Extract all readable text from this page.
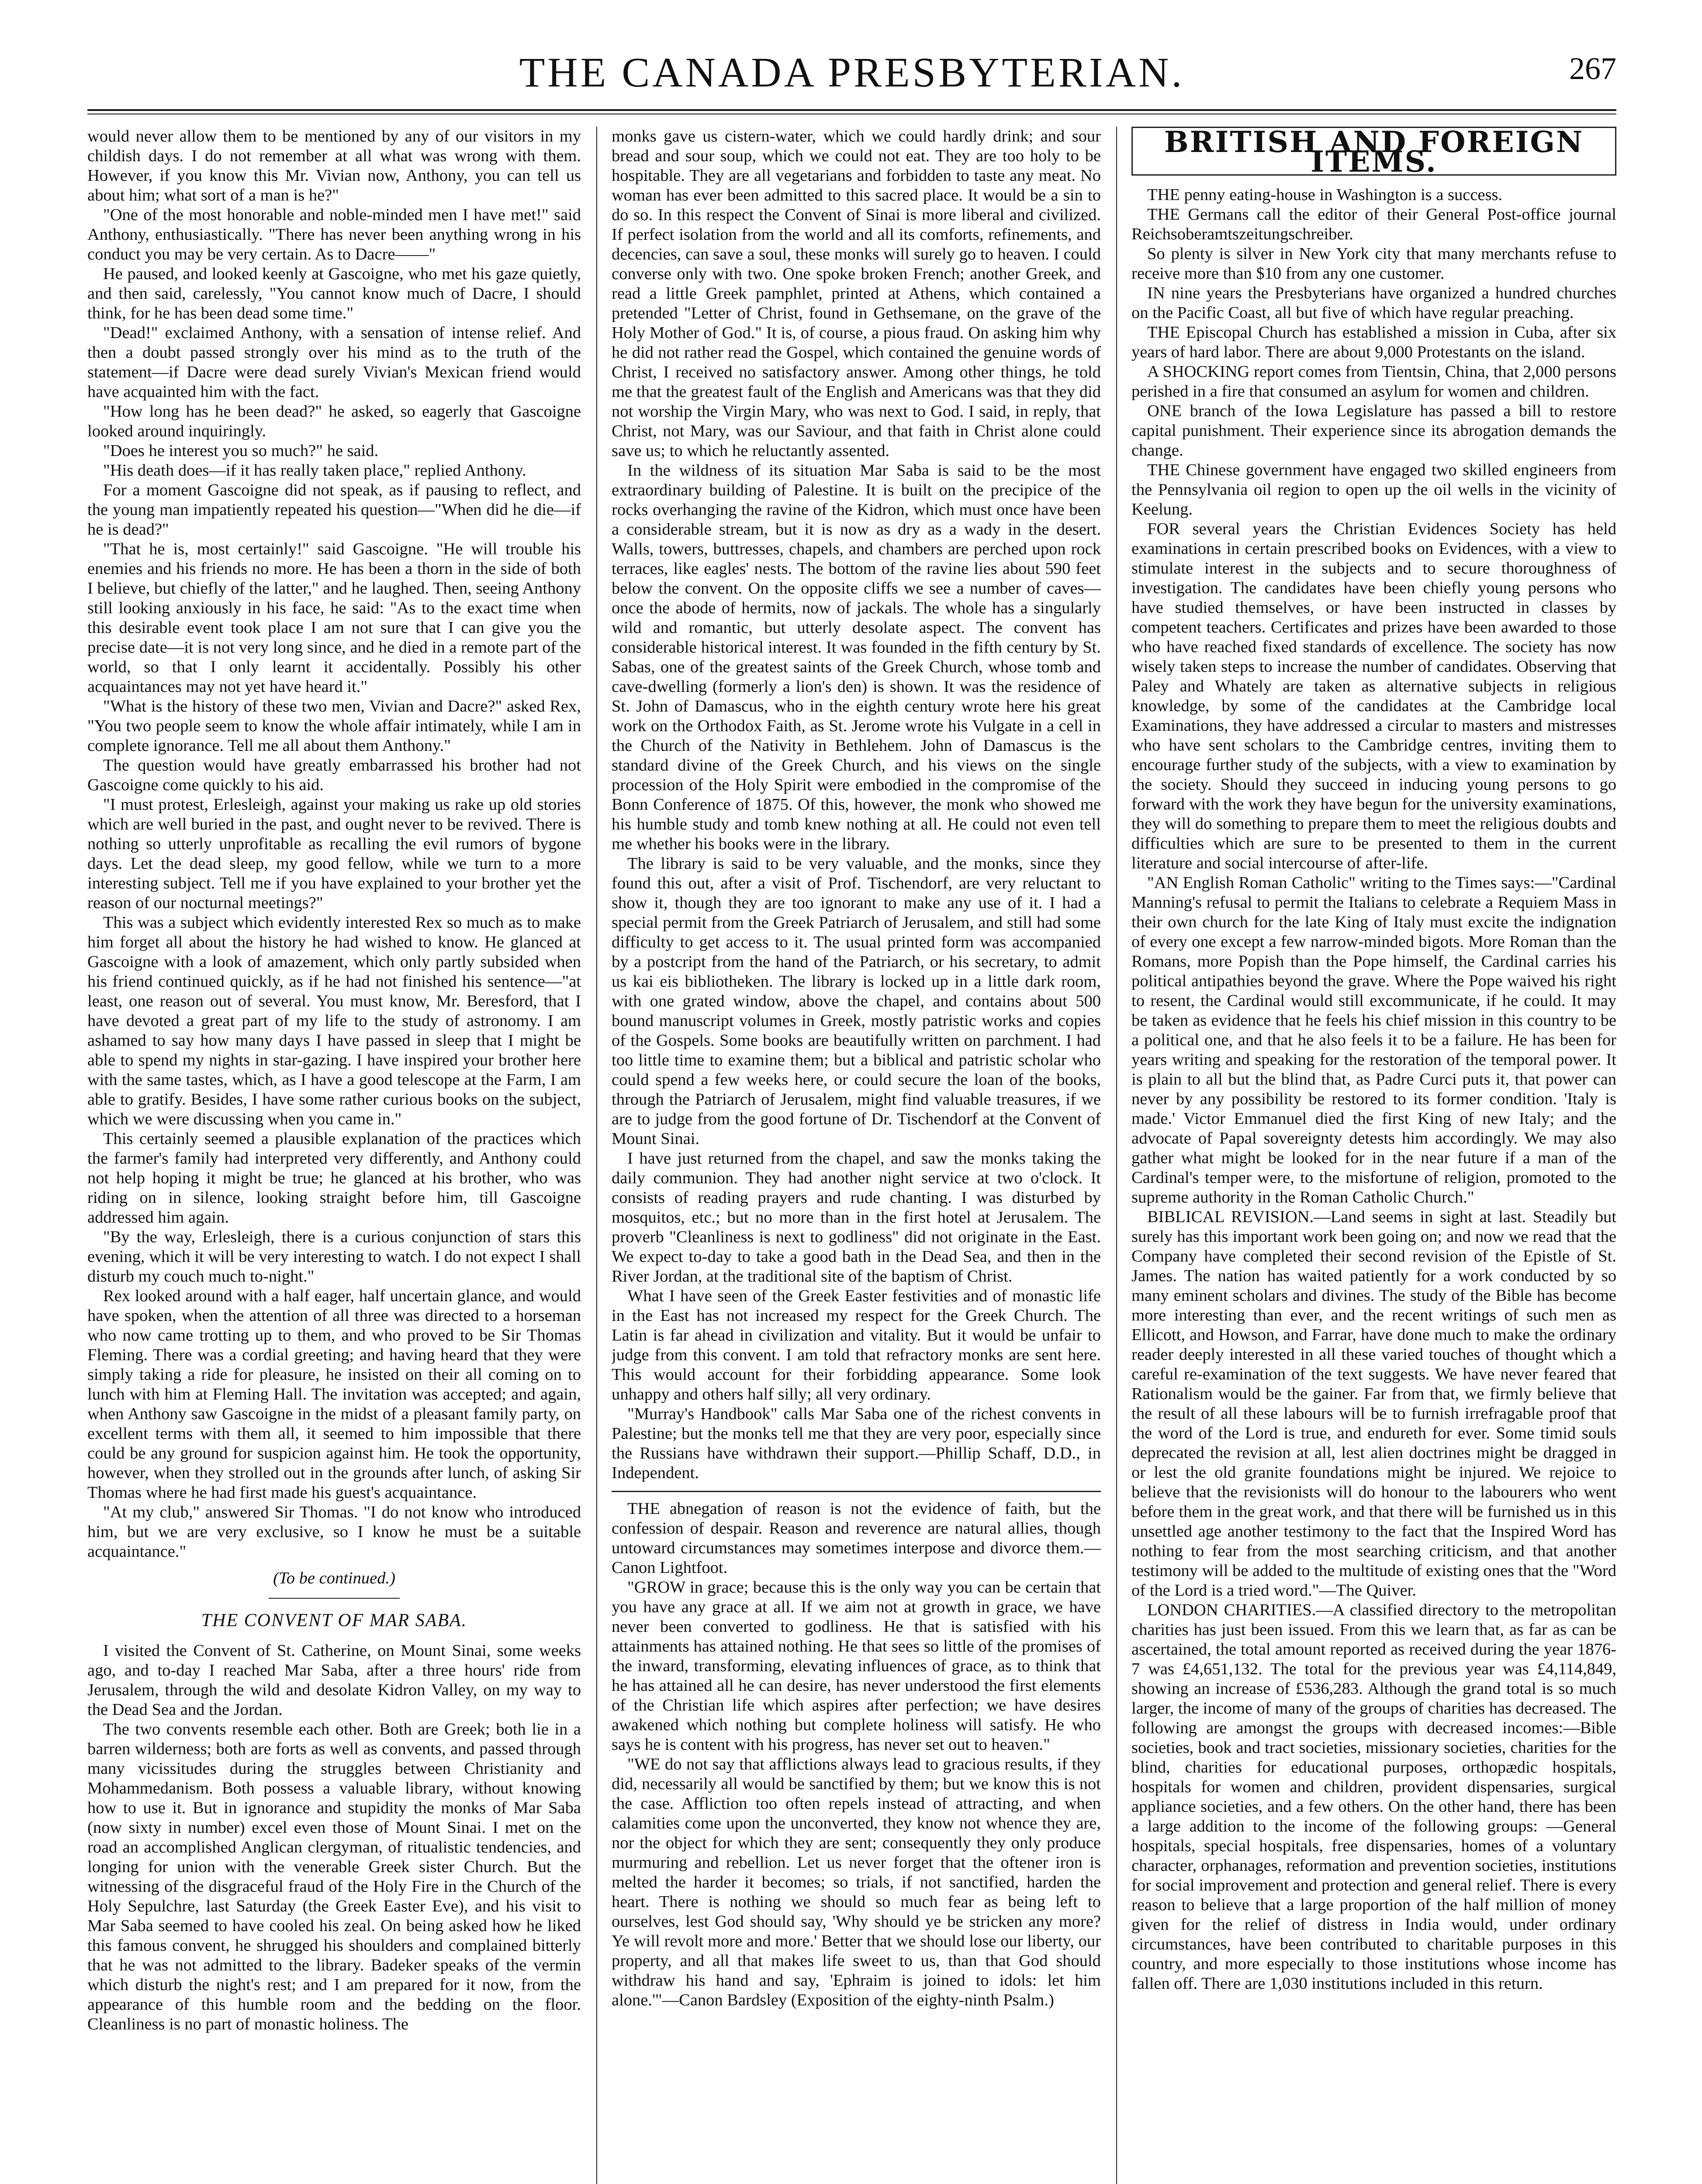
THE CANADA PRESBYTERIAN.	267

would never allow them to be mentioned by any of our visitors in my childish days. I do not remember at all what was wrong with them. However, if you know this Mr. Vivian now, Anthony, you can tell us about him; what sort of a man is he?"

"One of the most honorable and noble-minded men I have met!" said Anthony, enthusiastically. "There has never been anything wrong in his conduct you may be very certain. As to Dacre——"

He paused, and looked keenly at Gascoigne, who met his gaze quietly, and then said, carelessly, "You cannot know much of Dacre, I should think, for he has been dead some time."

"Dead!" exclaimed Anthony, with a sensation of intense relief. And then a doubt passed strongly over his mind as to the truth of the statement—if Dacre were dead surely Vivian's Mexican friend would have acquainted him with the fact.

"How long has he been dead?" he asked, so eagerly that Gascoigne looked around inquiringly.

"Does he interest you so much?" he said.

"His death does—if it has really taken place," replied Anthony.

For a moment Gascoigne did not speak, as if pausing to reflect, and the young man impatiently repeated his question—"When did he die—if he is dead?"

"That he is, most certainly!" said Gascoigne. "He will trouble his enemies and his friends no more. He has been a thorn in the side of both I believe, but chiefly of the latter," and he laughed. Then, seeing Anthony still looking anxiously in his face, he said: "As to the exact time when this desirable event took place I am not sure that I can give you the precise date—it is not very long since, and he died in a remote part of the world, so that I only learnt it accidentally. Possibly his other acquaintances may not yet have heard it."

"What is the history of these two men, Vivian and Dacre?" asked Rex, "You two people seem to know the whole affair intimately, while I am in complete ignorance. Tell me all about them Anthony."

The question would have greatly embarrassed his brother had not Gascoigne come quickly to his aid.

"I must protest, Erlesleigh, against your making us rake up old stories which are well buried in the past, and ought never to be revived. There is nothing so utterly unprofitable as recalling the evil rumors of bygone days. Let the dead sleep, my good fellow, while we turn to a more interesting subject. Tell me if you have explained to your brother yet the reason of our nocturnal meetings?"

This was a subject which evidently interested Rex so much as to make him forget all about the history he had wished to know. He glanced at Gascoigne with a look of amazement, which only partly subsided when his friend continued quickly, as if he had not finished his sentence—"at least, one reason out of several. You must know, Mr. Beresford, that I have devoted a great part of my life to the study of astronomy. I am ashamed to say how many days I have passed in sleep that I might be able to spend my nights in star-gazing. I have inspired your brother here with the same tastes, which, as I have a good telescope at the Farm, I am able to gratify. Besides, I have some rather curious books on the subject, which we were discussing when you came in."

This certainly seemed a plausible explanation of the practices which the farmer's family had interpreted very differently, and Anthony could not help hoping it might be true; he glanced at his brother, who was riding on in silence, looking straight before him, till Gascoigne addressed him again.

"By the way, Erlesleigh, there is a curious conjunction of stars this evening, which it will be very interesting to watch. I do not expect I shall disturb my couch much to-night."

Rex looked around with a half eager, half uncertain glance, and would have spoken, when the attention of all three was directed to a horseman who now came trotting up to them, and who proved to be Sir Thomas Fleming. There was a cordial greeting; and having heard that they were simply taking a ride for pleasure, he insisted on their all coming on to lunch with him at Fleming Hall. The invitation was accepted; and again, when Anthony saw Gascoigne in the midst of a pleasant family party, on excellent terms with them all, it seemed to him impossible that there could be any ground for suspicion against him. He took the opportunity, however, when they strolled out in the grounds after lunch, of asking Sir Thomas where he had first made his guest's acquaintance.

"At my club," answered Sir Thomas. "I do not know who introduced him, but we are very exclusive, so I know he must be a suitable acquaintance."

(To be continued.)
THE CONVENT OF MAR SABA.

I visited the Convent of St. Catherine, on Mount Sinai, some weeks ago, and to-day I reached Mar Saba, after a three hours' ride from Jerusalem, through the wild and desolate Kidron Valley, on my way to the Dead Sea and the Jordan.

The two convents resemble each other. Both are Greek; both lie in a barren wilderness; both are forts as well as convents, and passed through many vicissitudes during the struggles between Christianity and Mohammedanism. Both possess a valuable library, without knowing how to use it. But in ignorance and stupidity the monks of Mar Saba (now sixty in number) excel even those of Mount Sinai. I met on the road an accomplished Anglican clergyman, of ritualistic tendencies, and longing for union with the venerable Greek sister Church. But the witnessing of the disgraceful fraud of the Holy Fire in the Church of the Holy Sepulchre, last Saturday (the Greek Easter Eve), and his visit to Mar Saba seemed to have cooled his zeal. On being asked how he liked this famous convent, he shrugged his shoulders and complained bitterly that he was not admitted to the library. Badeker speaks of the vermin which disturb the night's rest; and I am prepared for it now, from the appearance of this humble room and the bedding on the floor. Cleanliness is no part of monastic holiness. The

monks gave us cistern-water, which we could hardly drink; and sour bread and sour soup, which we could not eat. They are too holy to be hospitable. They are all vegetarians and forbidden to taste any meat. No woman has ever been admitted to this sacred place. It would be a sin to do so. In this respect the Convent of Sinai is more liberal and civilized. If perfect isolation from the world and all its comforts, refinements, and decencies, can save a soul, these monks will surely go to heaven. I could converse only with two. One spoke broken French; another Greek, and read a little Greek pamphlet, printed at Athens, which contained a pretended "Letter of Christ, found in Gethsemane, on the grave of the Holy Mother of God." It is, of course, a pious fraud. On asking him why he did not rather read the Gospel, which contained the genuine words of Christ, I received no satisfactory answer. Among other things, he told me that the greatest fault of the English and Americans was that they did not worship the Virgin Mary, who was next to God. I said, in reply, that Christ, not Mary, was our Saviour, and that faith in Christ alone could save us; to which he reluctantly assented.

In the wildness of its situation Mar Saba is said to be the most extraordinary building of Palestine. It is built on the precipice of the rocks overhanging the ravine of the Kidron, which must once have been a considerable stream, but it is now as dry as a wady in the desert. Walls, towers, buttresses, chapels, and chambers are perched upon rock terraces, like eagles' nests. The bottom of the ravine lies about 590 feet below the convent. On the opposite cliffs we see a number of caves—once the abode of hermits, now of jackals. The whole has a singularly wild and romantic, but utterly desolate aspect. The convent has considerable historical interest. It was founded in the fifth century by St. Sabas, one of the greatest saints of the Greek Church, whose tomb and cave-dwelling (formerly a lion's den) is shown. It was the residence of St. John of Damascus, who in the eighth century wrote here his great work on the Orthodox Faith, as St. Jerome wrote his Vulgate in a cell in the Church of the Nativity in Bethlehem. John of Damascus is the standard divine of the Greek Church, and his views on the single procession of the Holy Spirit were embodied in the compromise of the Bonn Conference of 1875. Of this, however, the monk who showed me his humble study and tomb knew nothing at all. He could not even tell me whether his books were in the library.

The library is said to be very valuable, and the monks, since they found this out, after a visit of Prof. Tischendorf, are very reluctant to show it, though they are too ignorant to make any use of it. I had a special permit from the Greek Patriarch of Jerusalem, and still had some difficulty to get access to it. The usual printed form was accompanied by a postcript from the hand of the Patriarch, or his secretary, to admit us kai eis bibliotheken. The library is locked up in a little dark room, with one grated window, above the chapel, and contains about 500 bound manuscript volumes in Greek, mostly patristic works and copies of the Gospels. Some books are beautifully written on parchment. I had too little time to examine them; but a biblical and patristic scholar who could spend a few weeks here, or could secure the loan of the books, through the Patriarch of Jerusalem, might find valuable treasures, if we are to judge from the good fortune of Dr. Tischendorf at the Convent of Mount Sinai.

I have just returned from the chapel, and saw the monks taking the daily communion. They had another night service at two o'clock. It consists of reading prayers and rude chanting. I was disturbed by mosquitos, etc.; but no more than in the first hotel at Jerusalem. The proverb "Cleanliness is next to godliness" did not originate in the East. We expect to-day to take a good bath in the Dead Sea, and then in the River Jordan, at the traditional site of the baptism of Christ.

What I have seen of the Greek Easter festivities and of monastic life in the East has not increased my respect for the Greek Church. The Latin is far ahead in civilization and vitality. But it would be unfair to judge from this convent. I am told that refractory monks are sent here. This would account for their forbidding appearance. Some look unhappy and others half silly; all very ordinary.

"Murray's Handbook" calls Mar Saba one of the richest convents in Palestine; but the monks tell me that they are very poor, especially since the Russians have withdrawn their support.—Phillip Schaff, D.D., in Independent.

THE abnegation of reason is not the evidence of faith, but the confession of despair. Reason and reverence are natural allies, though untoward circumstances may sometimes interpose and divorce them.—Canon Lightfoot.

"GROW in grace; because this is the only way you can be certain that you have any grace at all. If we aim not at growth in grace, we have never been converted to godliness. He that is satisfied with his attainments has attained nothing. He that sees so little of the promises of the inward, transforming, elevating influences of grace, as to think that he has attained all he can desire, has never understood the first elements of the Christian life which aspires after perfection; we have desires awakened which nothing but complete holiness will satisfy. He who says he is content with his progress, has never set out to heaven."

"WE do not say that afflictions always lead to gracious results, if they did, necessarily all would be sanctified by them; but we know this is not the case. Affliction too often repels instead of attracting, and when calamities come upon the unconverted, they know not whence they are, nor the object for which they are sent; consequently they only produce murmuring and rebellion. Let us never forget that the oftener iron is melted the harder it becomes; so trials, if not sanctified, harden the heart. There is nothing we should so much fear as being left to ourselves, lest God should say, 'Why should ye be stricken any more? Ye will revolt more and more.' Better that we should lose our liberty, our property, and all that makes life sweet to us, than that God should withdraw his hand and say, 'Ephraim is joined to idols: let him alone.'"—Canon Bardsley (Exposition of the eighty-ninth Psalm.)

BRITISH AND FOREIGN ITEMS.

THE penny eating-house in Washington is a success.

THE Germans call the editor of their General Post-office journal Reichsoberamtszeitungschreiber.

So plenty is silver in New York city that many merchants refuse to receive more than $10 from any one customer.

IN nine years the Presbyterians have organized a hundred churches on the Pacific Coast, all but five of which have regular preaching.

THE Episcopal Church has established a mission in Cuba, after six years of hard labor. There are about 9,000 Protestants on the island.

A SHOCKING report comes from Tientsin, China, that 2,000 persons perished in a fire that consumed an asylum for women and children.

ONE branch of the Iowa Legislature has passed a bill to restore capital punishment. Their experience since its abrogation demands the change.

THE Chinese government have engaged two skilled engineers from the Pennsylvania oil region to open up the oil wells in the vicinity of Keelung.

FOR several years the Christian Evidences Society has held examinations in certain prescribed books on Evidences, with a view to stimulate interest in the subjects and to secure thoroughness of investigation. The candidates have been chiefly young persons who have studied themselves, or have been instructed in classes by competent teachers. Certificates and prizes have been awarded to those who have reached fixed standards of excellence. The society has now wisely taken steps to increase the number of candidates. Observing that Paley and Whately are taken as alternative subjects in religious knowledge, by some of the candidates at the Cambridge local Examinations, they have addressed a circular to masters and mistresses who have sent scholars to the Cambridge centres, inviting them to encourage further study of the subjects, with a view to examination by the society. Should they succeed in inducing young persons to go forward with the work they have begun for the university examinations, they will do something to prepare them to meet the religious doubts and difficulties which are sure to be presented to them in the current literature and social intercourse of after-life.

"AN English Roman Catholic" writing to the Times says:—"Cardinal Manning's refusal to permit the Italians to celebrate a Requiem Mass in their own church for the late King of Italy must excite the indignation of every one except a few narrow-minded bigots. More Roman than the Romans, more Popish than the Pope himself, the Cardinal carries his political antipathies beyond the grave. Where the Pope waived his right to resent, the Cardinal would still excommunicate, if he could. It may be taken as evidence that he feels his chief mission in this country to be a political one, and that he also feels it to be a failure. He has been for years writing and speaking for the restoration of the temporal power. It is plain to all but the blind that, as Padre Curci puts it, that power can never by any possibility be restored to its former condition. 'Italy is made.' Victor Emmanuel died the first King of new Italy; and the advocate of Papal sovereignty detests him accordingly. We may also gather what might be looked for in the near future if a man of the Cardinal's temper were, to the misfortune of religion, promoted to the supreme authority in the Roman Catholic Church."

BIBLICAL REVISION.—Land seems in sight at last. Steadily but surely has this important work been going on; and now we read that the Company have completed their second revision of the Epistle of St. James. The nation has waited patiently for a work conducted by so many eminent scholars and divines. The study of the Bible has become more interesting than ever, and the recent writings of such men as Ellicott, and Howson, and Farrar, have done much to make the ordinary reader deeply interested in all these varied touches of thought which a careful re-examination of the text suggests. We have never feared that Rationalism would be the gainer. Far from that, we firmly believe that the result of all these labours will be to furnish irrefragable proof that the word of the Lord is true, and endureth for ever. Some timid souls deprecated the revision at all, lest alien doctrines might be dragged in or lest the old granite foundations might be injured. We rejoice to believe that the revisionists will do honour to the labourers who went before them in the great work, and that there will be furnished us in this unsettled age another testimony to the fact that the Inspired Word has nothing to fear from the most searching criticism, and that another testimony will be added to the multitude of existing ones that the "Word of the Lord is a tried word."—The Quiver.

LONDON CHARITIES.—A classified directory to the metropolitan charities has just been issued. From this we learn that, as far as can be ascertained, the total amount reported as received during the year 1876-7 was £4,651,132. The total for the previous year was £4,114,849, showing an increase of £536,283. Although the grand total is so much larger, the income of many of the groups of charities has decreased. The following are amongst the groups with decreased incomes:—Bible societies, book and tract societies, missionary societies, charities for the blind, charities for educational purposes, orthopædic hospitals, hospitals for women and children, provident dispensaries, surgical appliance societies, and a few others. On the other hand, there has been a large addition to the income of the following groups: —General hospitals, special hospitals, free dispensaries, homes of a voluntary character, orphanages, reformation and prevention societies, institutions for social improvement and protection and general relief. There is every reason to believe that a large proportion of the half million of money given for the relief of distress in India would, under ordinary circumstances, have been contributed to charitable purposes in this country, and more especially to those institutions whose income has fallen off. There are 1,030 institutions included in this return.
